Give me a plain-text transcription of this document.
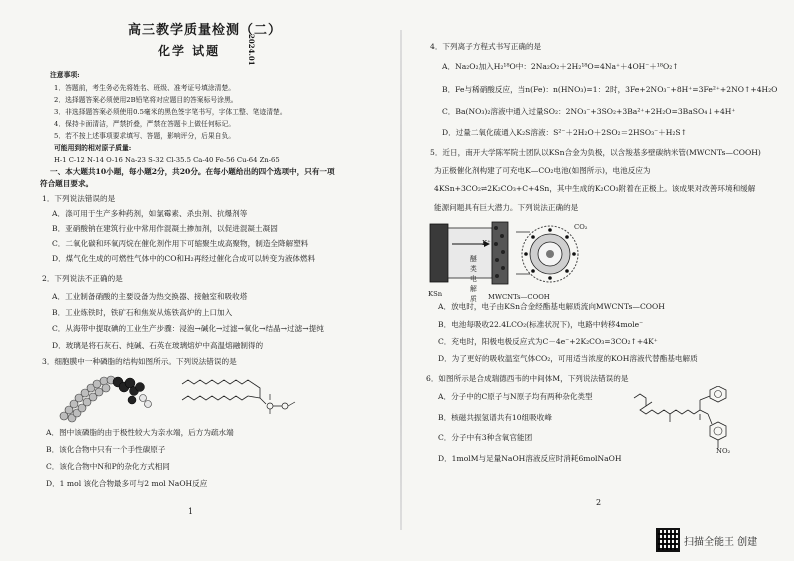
高三教学质量检测（二）
化学 试题	2024.01
注意事项:
1．答题前，考生务必先将姓名、班级、准考证号填涂清楚。
2．选择题答案必须使用2B铅笔将对应题目的答案标号涂黑。
3．非选择题答案必须使用0.5毫米的黑色签字笔书写，字体工整、笔迹清楚。
4．保持卡面清洁，严禁折叠，严禁在答题卡上做任何标记。
5．若不按上述事项要求填写、答题，影响评分，后果自负。
可能用到的相对原子质量:
H-1 C-12 N-14 O-16 Na-23 S-32 Cl-35.5 Ca-40 Fe-56 Cu-64 Zn-65
一、本大题共10小题，每小题2分，共20分。在每小题给出的四个选项中，只有一项
符合题目要求。
1．下列说法错误的是
A．涤可用于生产多种药剂，如氯霉素、杀虫剂、抗爆剂等
B．亚硝酸钠在建筑行业中常用作混凝土掺加剂，以促进混凝土凝固
C．二氧化碳和环氧丙烷在催化剂作用下可缩聚生成高聚物，制造全降解塑料
D．煤气化生成的可燃性气体中的CO和H₂再经过催化合成可以转变为液体燃料
2．下列说法不正确的是
A．工业制备硝酸的主要设备为热交换器、接触室和吸收塔
B．工业炼铁时，铁矿石和焦炭从炼铁高炉的上口加入
C．从海带中提取碘的工业生产步骤：浸泡→碱化→过滤→氧化→结晶→过滤→提纯
D．玻璃是将石灰石、纯碱、石英在玻璃熔炉中高温熔融制得的
3．细胞膜中一种磷脂的结构如图所示。下列说法错误的是
A．图中该磷脂的由于极性较大为亲水端，后方为疏水端
B．该化合物中只有一个手性碳原子
C．该化合物中N和P的杂化方式相同
D．1 mol 该化合物最多可与2 mol NaOH反应
1
4．下列离子方程式书写正确的是
A．Na₂O₂加入H₂¹⁸O中：2Na₂O₂＋2H₂¹⁸O=4Na⁺＋4OH⁻＋¹⁸O₂↑
B．Fe与稀硝酸反应，当n(Fe)：n(HNO₃)=1：2时，3Fe+2NO₃⁻+8H⁺=3Fe²⁺+2NO↑+4H₂O
C．Ba(NO₃)₂溶液中通入过量SO₂：2NO₃⁻+3SO₂+3Ba²⁺+2H₂O=3BaSO₄↓+4H⁺
D．过量二氧化硫通入K₂S溶液：S²⁻＋2H₂O＋2SO₂＝2HSO₃⁻＋H₂S↑
5．近日，南开大学陈军院士团队以KSn合金为负极，以含羧基多壁碳纳米管(MWCNTs—COOH)
为正极催化剂构建了可充电K—CO₂电池(如图所示)，电池反应为
4KSn+3CO₂⇌2K₂CO₃+C+4Sn，其中生成的K₂CO₃附着在正极上。该成果对改善环境和缓解
能源问题具有巨大潜力。下列说法正确的是
K⁺
醚类电解质
KSn	MWCNTs—COOH
CO₂
A．放电时，电子由KSn合金经酯基电解质流向MWCNTs—COOH
B．电池每吸收22.4LCO₂(标准状况下)，电路中转移4mole⁻
C．充电时，阳极电极反应式为C－4e⁻+2K₂CO₃=3CO₂↑+4K⁺
D．为了更好的吸收温室气体CO₂，可用适当浓度的KOH溶液代替酯基电解质
6．如图所示是合成瑞德西韦的中间体M，下列说法错误的是
A．分子中的C原子与N原子均有两种杂化类型
B．核磁共振氢谱共有10组吸收峰
C．分子中有3种含氧官能团
D．1molM与足量NaOH溶液反应时消耗6molNaOH
NO₂
2
扫描全能王 创建
